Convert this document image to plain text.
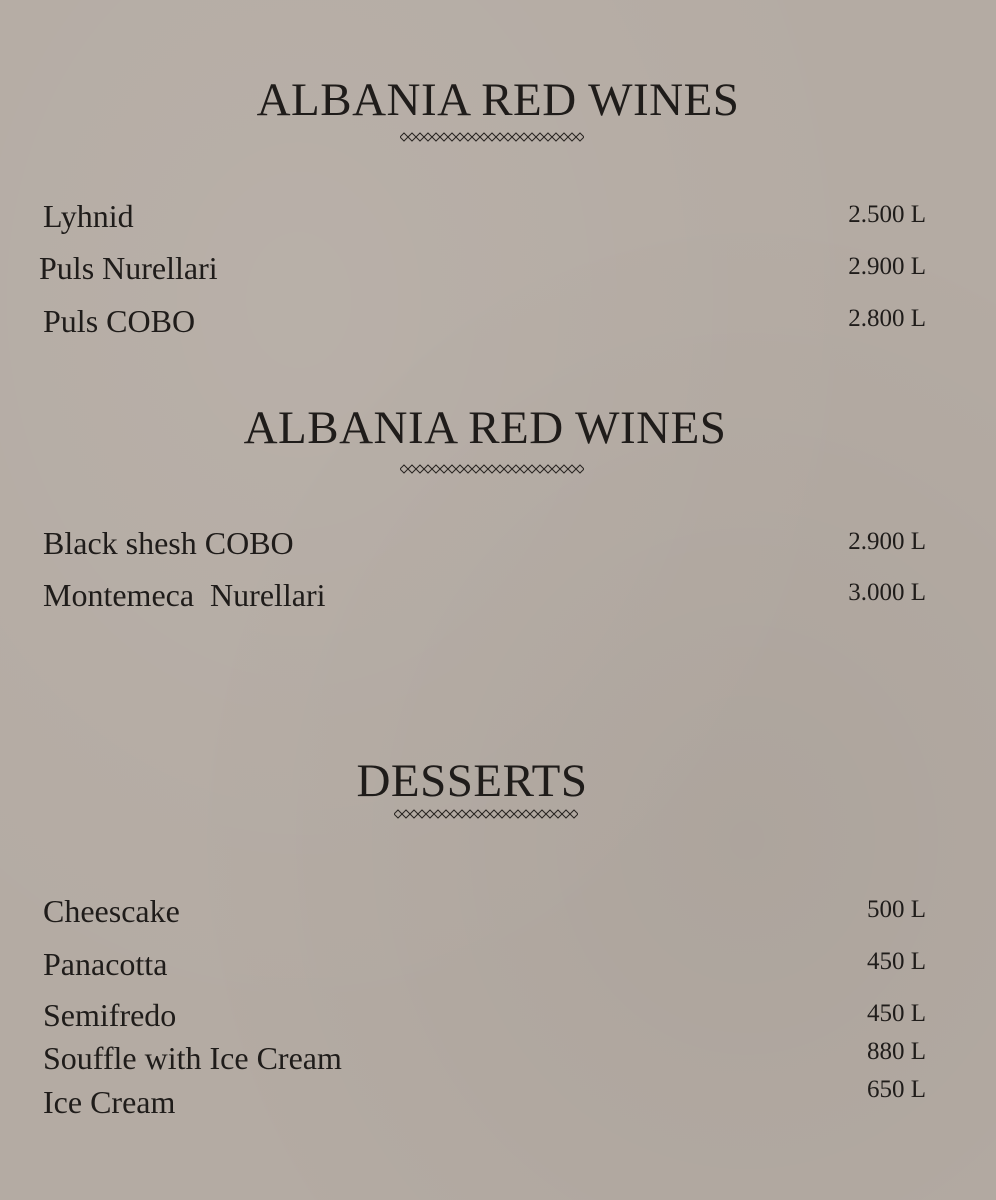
ALBANIA RED WINES
Lyhnid	2.500 L
Puls Nurellari	2.900 L
Puls COBO	2.800 L
ALBANIA RED WINES
Black shesh COBO	2.900 L
Montemeca  Nurellari	3.000 L
DESSERTS
Cheescake	500 L
Panacotta	450 L
Semifredo	450 L
Souffle with Ice Cream	880 L
Ice Cream	650 L
